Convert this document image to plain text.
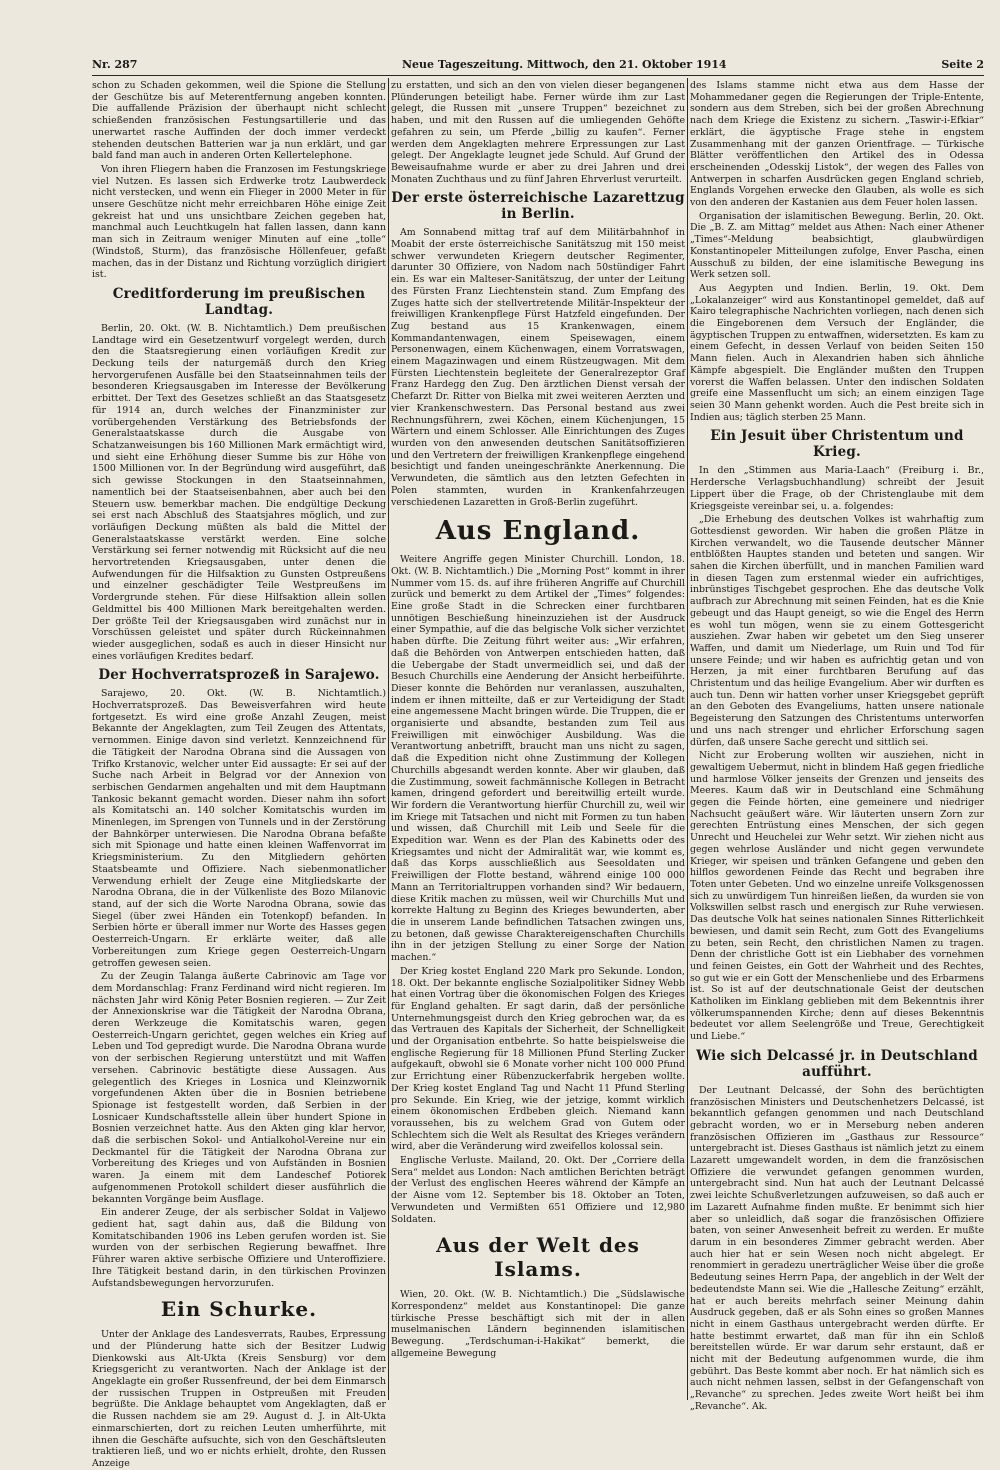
Nr. 287	Neue Tageszeitung. Mittwoch, den 21. Oktober 1914	Seite 2

schon zu Schaden gekommen, weil die Spione die Stellung der Geschütze bis auf Meterentfernung angeben konnten. Die auffallende Präzision der überhaupt nicht schlecht schießenden französischen Festungsartillerie und das unerwartet rasche Auffinden der doch immer verdeckt stehenden deutschen Batterien war ja nun erklärt, und gar bald fand man auch in anderen Orten Kellertelephone.

Von ihren Fliegern haben die Franzosen im Festungskriege viel Nutzen. Es lassen sich Erdwerke trotz Laubwerdeck nicht verstecken, und wenn ein Flieger in 2000 Meter in für unsere Geschütze nicht mehr erreichbaren Höhe einige Zeit gekreist hat und uns unsichtbare Zeichen gegeben hat, manchmal auch Leuchtkugeln hat fallen lassen, dann kann man sich in Zeitraum weniger Minuten auf eine „tolle“ (Windstoß, Sturm), das französische Höllenfeuer, gefaßt machen, das in der Distanz und Richtung vorzüglich dirigiert ist.

Creditforderung im preußischen Landtag.

Berlin, 20. Okt. (W. B. Nichtamtlich.) Dem preußischen Landtage wird ein Gesetzentwurf vorgelegt werden, durch den die Staatsregierung einen vorläufigen Kredit zur Deckung teils der naturgemäß durch den Krieg hervorgerufenen Ausfälle bei den Staatseinnahmen teils der besonderen Kriegsausgaben im Interesse der Bevölkerung erbittet. Der Text des Gesetzes schließt an das Staatsgesetz für 1914 an, durch welches der Finanzminister zur vorübergehenden Verstärkung des Betriebsfonds der Generalstaatskasse durch die Ausgabe von Schatzanweisungen bis 160 Millionen Mark ermächtigt wird, und sieht eine Erhöhung dieser Summe bis zur Höhe von 1500 Millionen vor. In der Begründung wird ausgeführt, daß sich gewisse Stockungen in den Staatseinnahmen, namentlich bei der Staatseisenbahnen, aber auch bei den Steuern usw. bemerkbar machen. Die endgültige Deckung sei erst nach Abschluß des Staatsjahres möglich, und zur vorläufigen Deckung müßten als bald die Mittel der Generalstaatskasse verstärkt werden. Eine solche Verstärkung sei ferner notwendig mit Rücksicht auf die neu hervortretenden Kriegsausgaben, unter denen die Aufwendungen für die Hilfsaktion zu Gunsten Ostpreußens und einzelner geschädigter Teile Westpreußens im Vordergrunde stehen. Für diese Hilfsaktion allein sollen Geldmittel bis 400 Millionen Mark bereitgehalten werden. Der größte Teil der Kriegsausgaben wird zunächst nur in Vorschüssen geleistet und später durch Rückeinnahmen wieder ausgeglichen, sodaß es auch in dieser Hinsicht nur eines vorläufigen Kredites bedarf.

Der Hochverratsprozeß in Sarajewo.

Sarajewo, 20. Okt. (W. B. Nichtamtlich.) Hochverratsprozeß. Das Beweisverfahren wird heute fortgesetzt. Es wird eine große Anzahl Zeugen, meist Bekannte der Angeklagten, zum Teil Zeugen des Attentats, vernommen. Einige davon sind verletzt. Kennzeichnend für die Tätigkeit der Narodna Obrana sind die Aussagen von Trifko Krstanovic, welcher unter Eid aussagte: Er sei auf der Suche nach Arbeit in Belgrad vor der Annexion von serbischen Gendarmen angehalten und mit dem Hauptmann Tankosic bekannt gemacht worden. Dieser nahm ihn sofort als Komitatschi an. 140 solcher Komitatschis wurden im Minenlegen, im Sprengen von Tunnels und in der Zerstörung der Bahnkörper unterwiesen. Die Narodna Obrana befaßte sich mit Spionage und hatte einen kleinen Waffenvorrat im Kriegsministerium. Zu den Mitgliedern gehörten Staatsbeamte und Offiziere. Nach siebenmonatlicher Verwendung erhielt der Zeuge eine Mitgliedskarte der Narodna Obrana, die in der Vülkenliste des Bozo Milanovic stand, auf der sich die Worte Narodna Obrana, sowie das Siegel (über zwei Händen ein Totenkopf) befanden. In Serbien hörte er überall immer nur Worte des Hasses gegen Oesterreich-Ungarn. Er erklärte weiter, daß alle Vorbereitungen zum Kriege gegen Oesterreich-Ungarn getroffen gewesen seien.

Zu der Zeugin Talanga äußerte Cabrinovic am Tage vor dem Mordanschlag: Franz Ferdinand wird nicht regieren. Im nächsten Jahr wird König Peter Bosnien regieren. — Zur Zeit der Annexionskrise war die Tätigkeit der Narodna Obrana, deren Werkzeuge die Komitatschis waren, gegen Oesterreich-Ungarn gerichtet, gegen welches ein Krieg auf Leben und Tod gepredigt wurde. Die Narodna Obrana wurde von der serbischen Regierung unterstützt und mit Waffen versehen. Cabrinovic bestätigte diese Aussagen. Aus gelegentlich des Krieges in Losnica und Kleinzwornik vorgefundenen Akten über die in Bosnien betriebene Spionage ist festgestellt worden, daß Serbien in der Losnicaer Kundschaftsstelle allein über hundert Spione in Bosnien verzeichnet hatte. Aus den Akten ging klar hervor, daß die serbischen Sokol- und Antialkohol-Vereine nur ein Deckmantel für die Tätigkeit der Narodna Obrana zur Vorbereitung des Krieges und von Aufständen in Bosnien waren. Ja einem mit dem Landeschef Potiorek aufgenommenen Protokoll schildert dieser ausführlich die bekannten Vorgänge beim Ausflage.

Ein anderer Zeuge, der als serbischer Soldat in Valjewo gedient hat, sagt dahin aus, daß die Bildung von Komitatschibanden 1906 ins Leben gerufen worden ist. Sie wurden von der serbischen Regierung bewaffnet. Ihre Führer waren aktive serbische Offiziere und Unteroffiziere. Ihre Tätigkeit bestand darin, in den türkischen Provinzen Aufstandsbewegungen hervorzurufen.

Ein Schurke.

Unter der Anklage des Landesverrats, Raubes, Erpressung und der Plünderung hatte sich der Besitzer Ludwig Dienkowski aus Alt-Ukta (Kreis Sensburg) vor dem Kriegsgericht zu verantworten. Nach der Anklage ist der Angeklagte ein großer Russenfreund, der bei dem Einmarsch der russischen Truppen in Ostpreußen mit Freuden begrüßte. Die Anklage behauptet vom Angeklagten, daß er die Russen nachdem sie am 29. August d. J. in Alt-Ukta einmarschierten, dort zu reichen Leuten umherführte, mit ihnen die Geschäfte aufsuchte, sich von den Geschäftsleuten traktieren ließ, und wo er nichts erhielt, drohte, den Russen Anzeige

zu erstatten, und sich an den von vielen dieser begangenen Plünderungen beteiligt habe. Ferner würde ihm zur Last gelegt, die Russen mit „unsere Truppen“ bezeichnet zu haben, und mit den Russen auf die umliegenden Gehöfte gefahren zu sein, um Pferde „billig zu kaufen“. Ferner werden dem Angeklagten mehrere Erpressungen zur Last gelegt. Der Angeklagte leugnet jede Schuld. Auf Grund der Beweisaufnahme wurde er aber zu drei Jahren und drei Monaten Zuchthaus und zu fünf Jahren Ehrverlust verurteilt.

Der erste österreichische Lazarettzug in Berlin.

Am Sonnabend mittag traf auf dem Militärbahnhof in Moabit der erste österreichische Sanitätszug mit 150 meist schwer verwundeten Kriegern deutscher Regimenter, darunter 30 Offiziere, von Nadom nach 50stündiger Fahrt ein. Es war ein Malteser-Sanitätszug, der unter der Leitung des Fürsten Franz Liechtenstein stand. Zum Empfang des Zuges hatte sich der stellvertretende Militär-Inspekteur der freiwilligen Krankenpflege Fürst Hatzfeld eingefunden. Der Zug bestand aus 15 Krankenwagen, einem Kommandantenwagen, einem Speisewagen, einem Personenwagen, einem Küchenwagen, einem Vorratswagen, einem Magazinwagen und einem Rüstzeugwagen. Mit dem Fürsten Liechtenstein begleitete der Generalrezeptor Graf Franz Hardegg den Zug. Den ärztlichen Dienst versah der Chefarzt Dr. Ritter von Bielka mit zwei weiteren Aerzten und vier Krankenschwestern. Das Personal bestand aus zwei Rechnungsführern, zwei Köchen, einem Küchenjungen, 15 Wärtern und einem Schlosser. Alle Einrichtungen des Zuges wurden von den anwesenden deutschen Sanitätsoffizieren und den Vertretern der freiwilligen Krankenpflege eingehend besichtigt und fanden uneingeschränkte Anerkennung. Die Verwundeten, die sämtlich aus den letzten Gefechten in Polen stammten, wurden in Krankenfahrzeugen verschiedenen Lazaretten in Groß-Berlin zugeführt.

Aus England.

Weitere Angriffe gegen Minister Churchill. London, 18. Okt. (W. B. Nichtamtlich.) Die „Morning Post“ kommt in ihrer Nummer vom 15. ds. auf ihre früheren Angriffe auf Churchill zurück und bemerkt zu dem Artikel der „Times“ folgendes: Eine große Stadt in die Schrecken einer furchtbaren unnötigen Beschießung hineinzuziehen ist der Ausdruck einer Sympathie, auf die das belgische Volk sicher verzichtet haben dürfte. Die Zeitung führt weiter aus: „Wir erfahren, daß die Behörden von Antwerpen entschieden hatten, daß die Uebergabe der Stadt unvermeidlich sei, und daß der Besuch Churchills eine Aenderung der Ansicht herbeiführte. Dieser konnte die Behörden nur veranlassen, auszuhalten, indem er ihnen mitteilte, daß er zur Verteidigung der Stadt eine angemessene Macht bringen würde. Die Truppen, die er organisierte und absandte, bestanden zum Teil aus Freiwilligen mit einwöchiger Ausbildung. Was die Verantwortung anbetrifft, braucht man uns nicht zu sagen, daß die Expedition nicht ohne Zustimmung der Kollegen Churchills abgesandt werden konnte. Aber wir glauben, daß die Zustimmung, soweit fachmännische Kollegen in Betracht kamen, dringend gefordert und bereitwillig erteilt wurde. Wir fordern die Verantwortung hierfür Churchill zu, weil wir im Kriege mit Tatsachen und nicht mit Formen zu tun haben und wissen, daß Churchill mit Leib und Seele für die Expedition war. Wenn es der Plan des Kabinetts oder des Kriegsamtes und nicht der Admiralität war, wie kommt es, daß das Korps ausschließlich aus Seesoldaten und Freiwilligen der Flotte bestand, während einige 100 000 Mann an Territorialtruppen vorhanden sind? Wir bedauern, diese Kritik machen zu müssen, weil wir Churchills Mut und korrekte Haltung zu Beginn des Krieges bewunderten, aber die in unserem Lande befindlichen Tatsachen zwingen uns, zu betonen, daß gewisse Charaktereigenschaften Churchills ihn in der jetzigen Stellung zu einer Sorge der Nation machen.“

Der Krieg kostet England 220 Mark pro Sekunde. London, 18. Okt. Der bekannte englische Sozialpolitiker Sidney Webb hat einen Vortrag über die ökonomischen Folgen des Krieges für England gehalten. Er sagt darin, daß der persönliche Unternehmungsgeist durch den Krieg gebrochen war, da es das Vertrauen des Kapitals der Sicherheit, der Schnelligkeit und der Organisation entbehrte. So hatte beispielsweise die englische Regierung für 18 Millionen Pfund Sterling Zucker aufgekauft, obwohl sie 6 Monate vorher nicht 100 000 Pfund zur Errichtung einer Rübenzuckerfabrik hergeben wollte. Der Krieg kostet England Tag und Nacht 11 Pfund Sterling pro Sekunde. Ein Krieg, wie der jetzige, kommt wirklich einem ökonomischen Erdbeben gleich. Niemand kann voraussehen, bis zu welchem Grad von Gutem oder Schlechtem sich die Welt als Resultat des Krieges verändern wird, aber die Veränderung wird zweifellos kolossal sein.

Englische Verluste. Mailand, 20. Okt. Der „Corriere della Sera“ meldet aus London: Nach amtlichen Berichten beträgt der Verlust des englischen Heeres während der Kämpfe an der Aisne vom 12. September bis 18. Oktober an Toten, Verwundeten und Vermißten 651 Offiziere und 12,980 Soldaten.

Aus der Welt des Islams.

Wien, 20. Okt. (W. B. Nichtamtlich.) Die „Südslawische Korrespondenz“ meldet aus Konstantinopel: Die ganze türkische Presse beschäftigt sich mit der in allen muselmanischen Ländern beginnenden islamitischen Bewegung. „Terdschuman-i-Hakikat“ bemerkt, die allgemeine Bewegung

des Islams stamme nicht etwa aus dem Hasse der Mohammedaner gegen die Regierungen der Triple-Entente, sondern aus dem Streben, sich bei der großen Abrechnung nach dem Kriege die Existenz zu sichern. „Taswir-i-Efkiar“ erklärt, die ägyptische Frage stehe in engstem Zusammenhang mit der ganzen Orientfrage. — Türkische Blätter veröffentlichen den Artikel des in Odessa erscheinenden „Odesskij Listok“, der wegen des Falles von Antwerpen in scharfen Ausdrücken gegen England schrieb, Englands Vorgehen erwecke den Glauben, als wolle es sich von den anderen der Kastanien aus dem Feuer holen lassen.

Organisation der islamitischen Bewegung. Berlin, 20. Okt. Die „B. Z. am Mittag“ meldet aus Athen: Nach einer Athener „Times“-Meldung beabsichtigt, glaubwürdigen Konstantinopeler Mitteilungen zufolge, Enver Pascha, einen Ausschuß zu bilden, der eine islamitische Bewegung ins Werk setzen soll.

Aus Aegypten und Indien. Berlin, 19. Okt. Dem „Lokalanzeiger“ wird aus Konstantinopel gemeldet, daß auf Kairo telegraphische Nachrichten vorliegen, nach denen sich die Eingeborenen dem Versuch der Engländer, die ägyptischen Truppen zu entwaffnen, widersetzten. Es kam zu einem Gefecht, in dessen Verlauf von beiden Seiten 150 Mann fielen. Auch in Alexandrien haben sich ähnliche Kämpfe abgespielt. Die Engländer mußten den Truppen vorerst die Waffen belassen. Unter den indischen Soldaten greife eine Massenflucht um sich; an einem einzigen Tage seien 30 Mann gehenkt worden. Auch die Pest breite sich in Indien aus; täglich sterben 25 Mann.

Ein Jesuit über Christentum und Krieg.

In den „Stimmen aus Maria-Laach“ (Freiburg i. Br., Herdersche Verlagsbuchhandlung) schreibt der Jesuit Lippert über die Frage, ob der Christenglaube mit dem Kriegsgeiste vereinbar sei, u. a. folgendes:

„Die Erhebung des deutschen Volkes ist wahrhaftig zum Gottesdienst geworden. Wir haben die großen Plätze in Kirchen verwandelt, wo die Tausende deutscher Männer entblößten Hauptes standen und beteten und sangen. Wir sahen die Kirchen überfüllt, und in manchen Familien ward in diesen Tagen zum erstenmal wieder ein aufrichtiges, inbrünstiges Tischgebet gesprochen. Ehe das deutsche Volk aufbrach zur Abrechnung mit seinen Feinden, hat es die Knie gebeugt und das Haupt geneigt, so wie die Engel des Herrn es wohl tun mögen, wenn sie zu einem Gottesgericht ausziehen. Zwar haben wir gebetet um den Sieg unserer Waffen, und damit um Niederlage, um Ruin und Tod für unsere Feinde; und wir haben es aufrichtig getan und von Herzen, ja mit einer furchtbaren Berufung auf das Christentum und das heilige Evangelium. Aber wir durften es auch tun. Denn wir hatten vorher unser Kriegsgebet geprüft an den Geboten des Evangeliums, hatten unsere nationale Begeisterung den Satzungen des Christentums unterworfen und uns nach strenger und ehrlicher Erforschung sagen dürfen, daß unsere Sache gerecht und sittlich sei.

Nicht zur Eroberung wollten wir ausziehen, nicht in gewaltigem Uebermut, nicht in blindem Haß gegen friedliche und harmlose Völker jenseits der Grenzen und jenseits des Meeres. Kaum daß wir in Deutschland eine Schmähung gegen die Feinde hörten, eine gemeinere und niedriger Nachsucht geäußert wäre. Wir läuterten unsern Zorn zur gerechten Entrüstung eines Menschen, der sich gegen Unrecht und Heuchelei zur Wehr setzt. Wir ziehen nicht aus gegen wehrlose Ausländer und nicht gegen verwundete Krieger, wir speisen und tränken Gefangene und geben den hilflos gewordenen Feinde das Recht und begraben ihre Toten unter Gebeten. Und wo einzelne unreife Volksgenossen sich zu unwürdigem Tun hinreißen ließen, da wurden sie von Volkswillen selbst rasch und energisch zur Ruhe verwiesen. Das deutsche Volk hat seines nationalen Sinnes Ritterlichkeit bewiesen, und damit sein Recht, zum Gott des Evangeliums zu beten, sein Recht, den christlichen Namen zu tragen. Denn der christliche Gott ist ein Liebhaber des vornehmen und feinen Geistes, ein Gott der Wahrheit und des Rechtes, so gut wie er ein Gott der Menschenliebe und des Erbarmens ist. So ist auf der deutschnationale Geist der deutschen Katholiken im Einklang geblieben mit dem Bekenntnis ihrer völkerumspannenden Kirche; denn auf dieses Bekenntnis bedeutet vor allem Seelengröße und Treue, Gerechtigkeit und Liebe.“

Wie sich Delcassé jr. in Deutschland aufführt.

Der Leutnant Delcassé, der Sohn des berüchtigten französischen Ministers und Deutschenhetzers Delcassé, ist bekanntlich gefangen genommen und nach Deutschland gebracht worden, wo er in Merseburg neben anderen französischen Offizieren im „Gasthaus zur Ressource“ untergebracht ist. Dieses Gasthaus ist nämlich jetzt zu einem Lazarett umgewandelt worden, in dem die französischen Offiziere die verwundet gefangen genommen wurden, untergebracht sind. Nun hat auch der Leutnant Delcassé zwei leichte Schußverletzungen aufzuweisen, so daß auch er im Lazarett Aufnahme finden mußte. Er benimmt sich hier aber so unleidlich, daß sogar die französischen Offiziere baten, von seiner Anwesenheit befreit zu werden. Er mußte darum in ein besonderes Zimmer gebracht werden. Aber auch hier hat er sein Wesen noch nicht abgelegt. Er renommiert in geradezu unerträglicher Weise über die große Bedeutung seines Herrn Papa, der angeblich in der Welt der bedeutendste Mann sei. Wie die „Hallesche Zeitung“ erzählt, hat er auch bereits mehrfach seiner Meinung dahin Ausdruck gegeben, daß er als Sohn eines so großen Mannes nicht in einem Gasthaus untergebracht werden dürfte. Er hatte bestimmt erwartet, daß man für ihn ein Schloß bereitstellen würde. Er war darum sehr erstaunt, daß er nicht mit der Bedeutung aufgenommen wurde, die ihm gebührt. Das Beste kommt aber noch. Er hat nämlich sich es auch nicht nehmen lassen, selbst in der Gefangenschaft von „Revanche“ zu sprechen. Jedes zweite Wort heißt bei ihm „Revanche“. Ak.
